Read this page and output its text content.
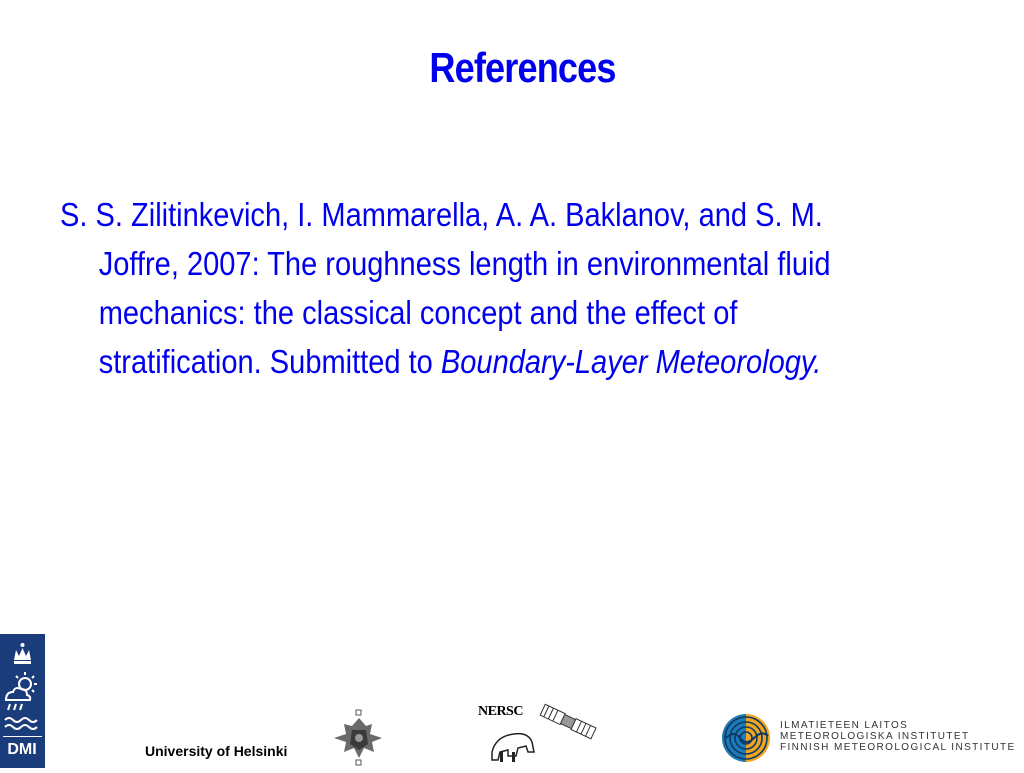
References
S. S. Zilitinkevich, I. Mammarella, A. A. Baklanov, and S. M.
Joffre, 2007: The roughness length in environmental fluid
mechanics: the classical concept and the effect of
stratification. Submitted to Boundary-Layer Meteorology.
DMI	University of Helsinki
NERSC
ILMATIETEEN LAITOS
METEOROLOGISKA INSTITUTET
FINNISH METEOROLOGICAL INSTITUTE
